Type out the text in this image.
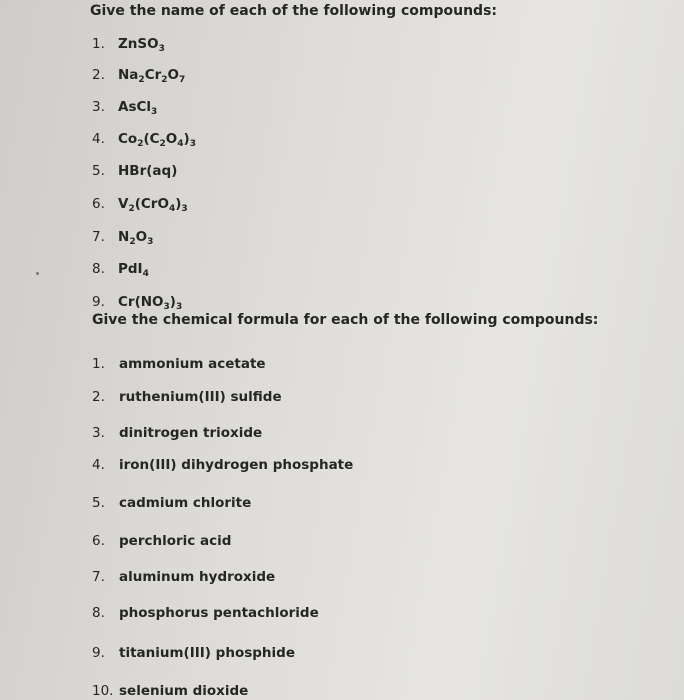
Give the name of each of the following compounds:
1. ZnSO$_3$
2. $Na_2Cr_2O_7$
3. AsCl$_3$
4. $Co_2(C_2O_4)_3$
5. HBr(aq)
6. $V_2(CrO_4)_3$
7. $N_2O_3$
8. PdI$_4$
9. $Cr(NO_3)_3$
Give the chemical formula for each of the following compounds:
1. ammonium acetate
2. ruthenium(III) sulfide
3. dinitrogen trioxide
4. iron(III) dihydrogen phosphate
5. cadmium chlorite
6. perchloric acid
7. aluminum hydroxide
8. phosphorus pentachloride
9. titanium(III) phosphide
10. selenium dioxide
